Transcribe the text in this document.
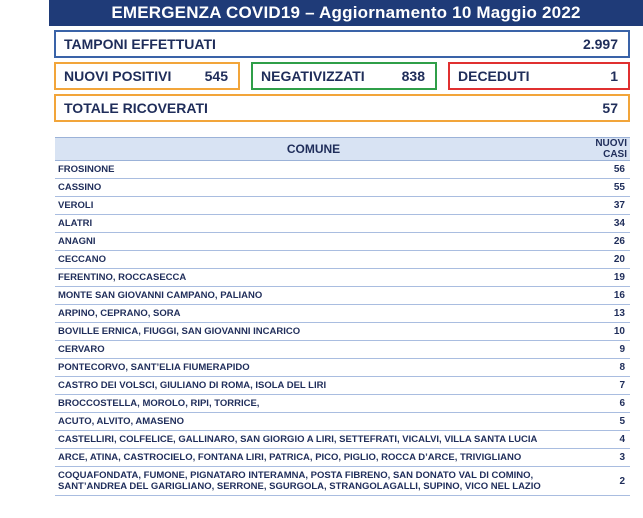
EMERGENZA COVID19 – Aggiornamento 10 Maggio 2022
TAMPONI EFFETTUATI	2.997
NUOVI POSITIVI 545 NEGATIVIZZATI	838 DECEDUTI	1
TOTALE RICOVERATI	57
COMUNE	NUOVI CASI
FROSINONE	56
CASSINO	55
VEROLI	37
ALATRI	34
ANAGNI	26
CECCANO	20
FERENTINO, ROCCASECCA	19
MONTE SAN GIOVANNI CAMPANO, PALIANO	16
ARPINO, CEPRANO, SORA	13
BOVILLE ERNICA, FIUGGI, SAN GIOVANNI INCARICO	10
CERVARO	9
PONTECORVO, SANT’ELIA FIUMERAPIDO	8
CASTRO DEI VOLSCI, GIULIANO DI ROMA, ISOLA DEL LIRI	7
BROCCOSTELLA, MOROLO, RIPI, TORRICE,	6
ACUTO, ALVITO, AMASENO	5
CASTELLIRI, COLFELICE, GALLINARO, SAN GIORGIO A LIRI, SETTEFRATI, VICALVI, VILLA SANTA LUCIA	4
ARCE, ATINA, CASTROCIELO, FONTANA LIRI, PATRICA, PICO, PIGLIO, ROCCA D’ARCE, TRIVIGLIANO	3
COQUAFONDATA, FUMONE, PIGNATARO INTERAMNA, POSTA FIBRENO, SAN DONATO VAL DI COMINO, SANT’ANDREA DEL GARIGLIANO, SERRONE, SGURGOLA, STRANGOLAGALLI, SUPINO, VICO NEL LAZIO	2
